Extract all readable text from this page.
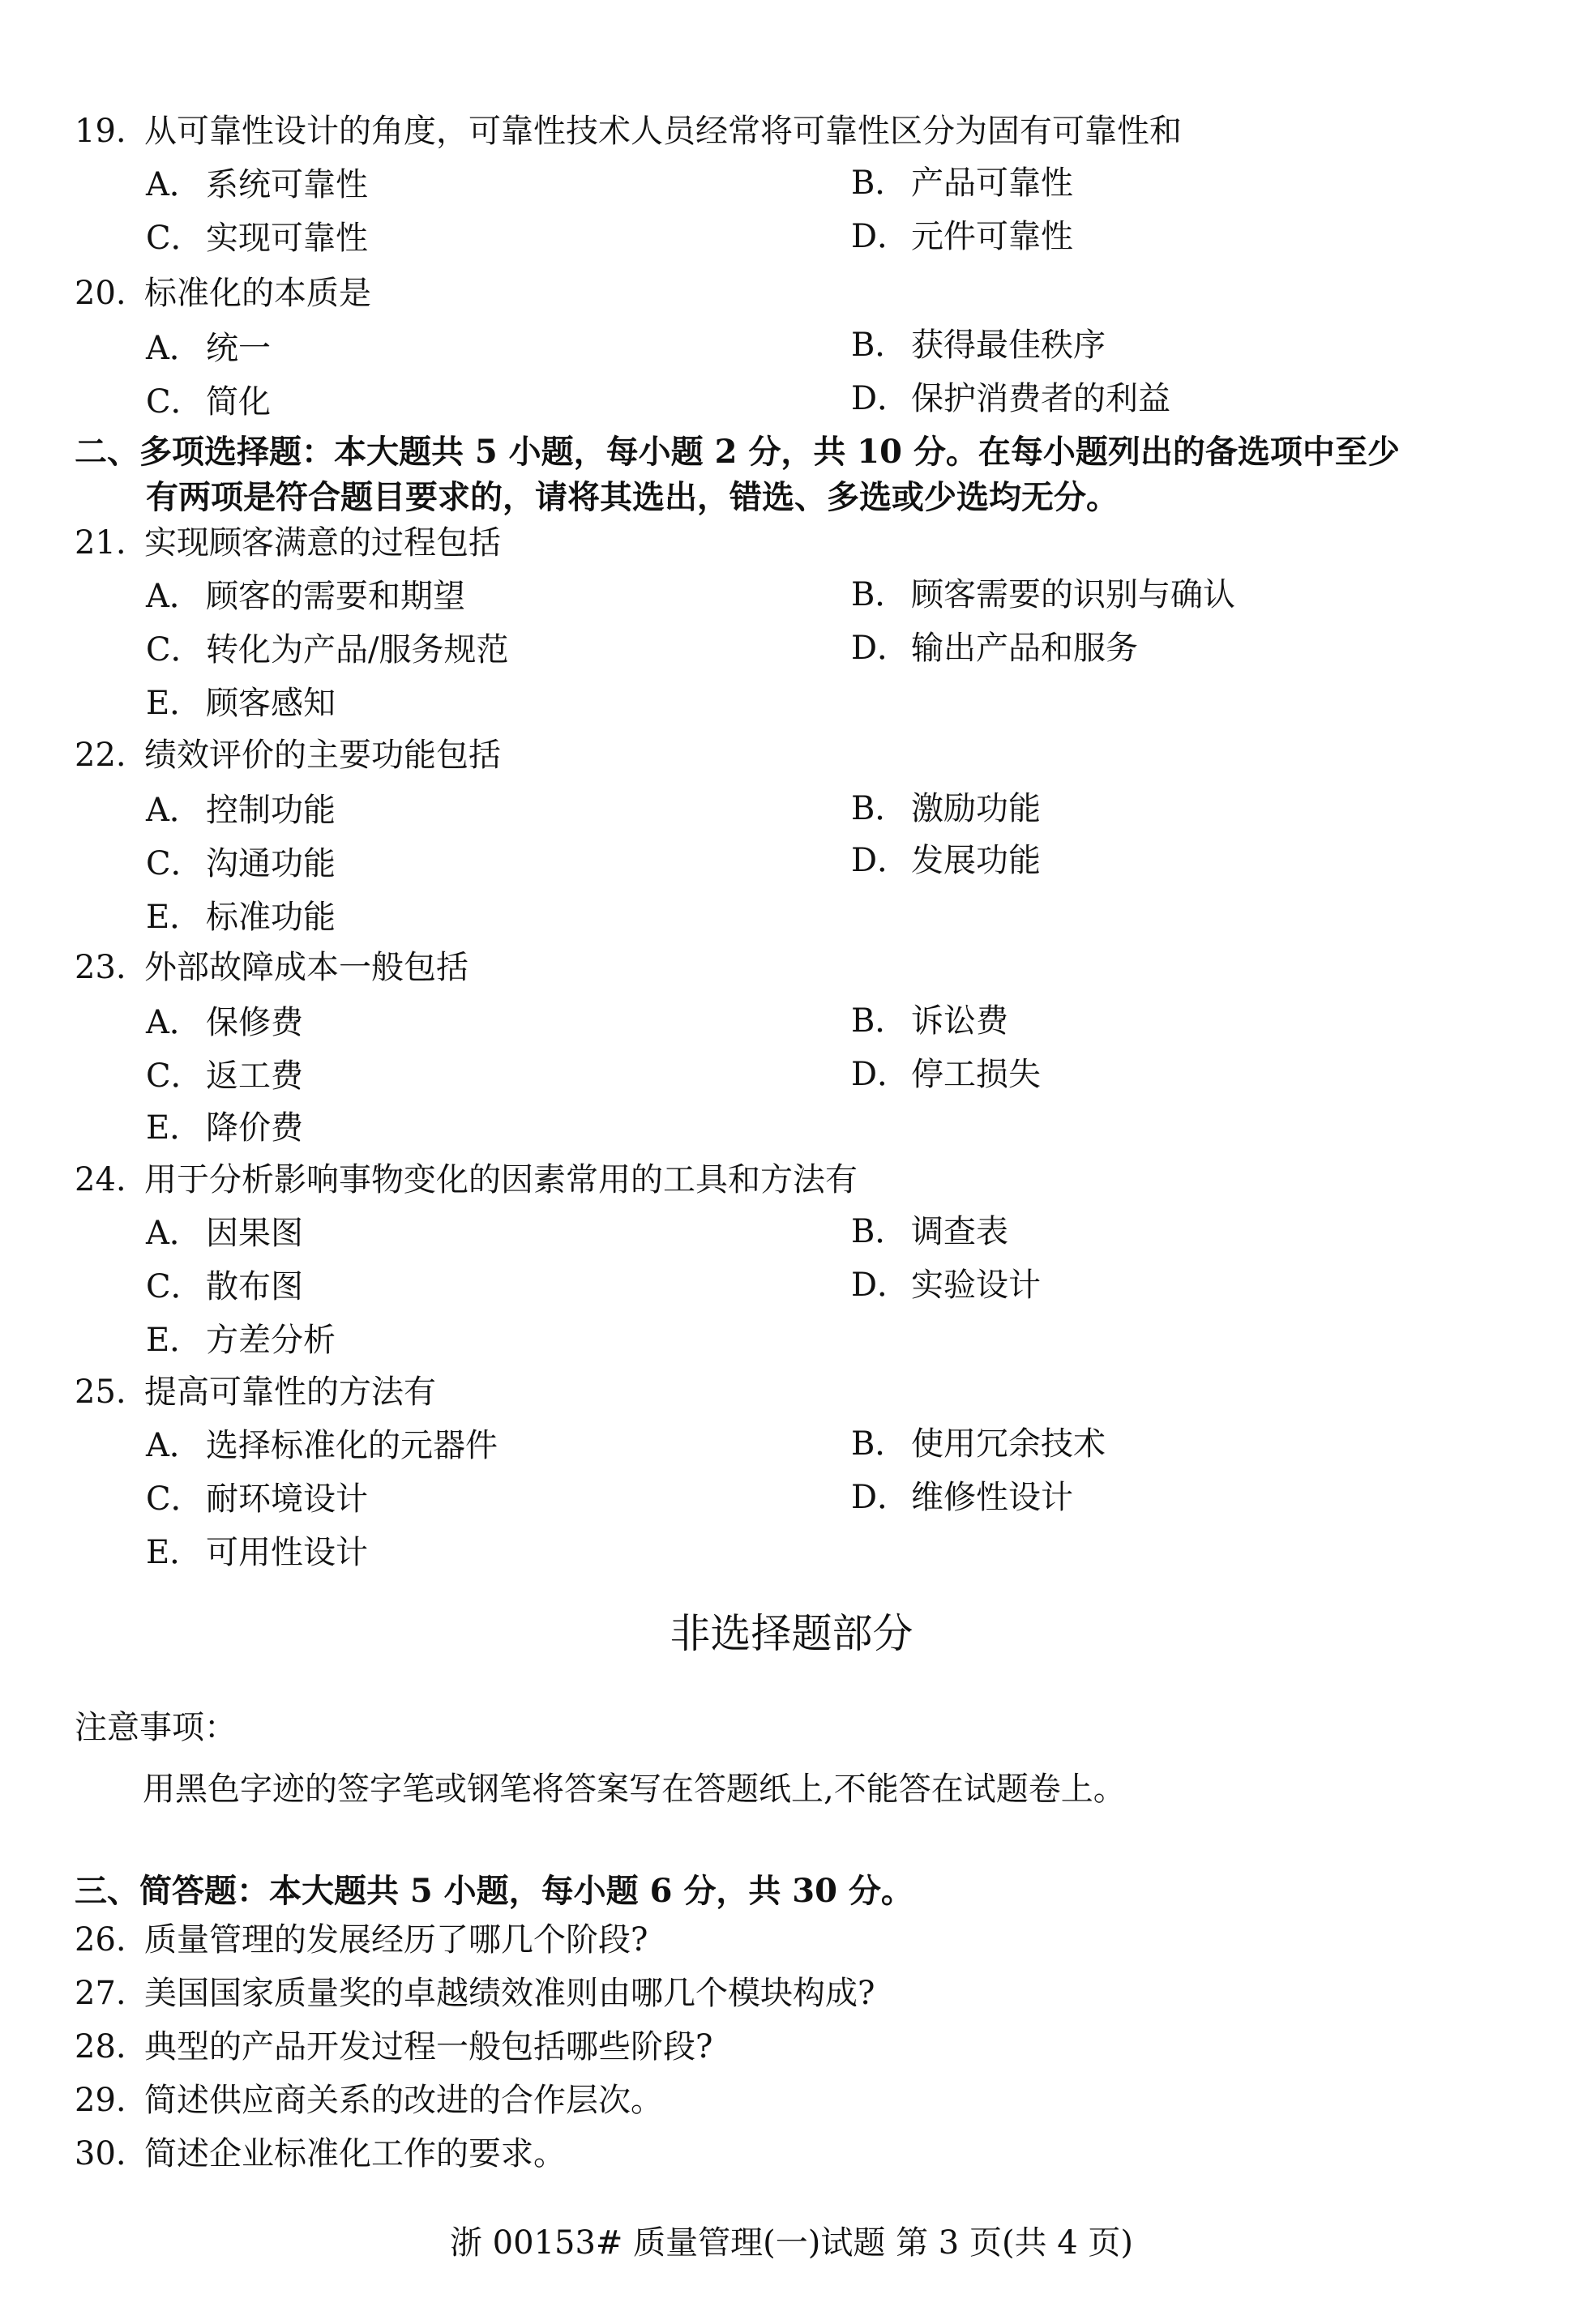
19. 从可靠性设计的角度，可靠性技术人员经常将可靠性区分为固有可靠性和
A． 系统可靠性	B． 产品可靠性
C．实现可靠性	D．元件可靠性
20. 标准化的本质是
A． 统一	B． 获得最佳秩序
C．简化	D．保护消费者的利益
二、多项选择题：本大题共 5 小题，每小题 2 分，共 10 分。在每小题列出的备选项中至少
有两项是符合题目要求的，请将其选出，错选、多选或少选均无分。
21. 实现顾客满意的过程包括
A． 顾客的需要和期望	B． 顾客需要的识别与确认
C．转化为产品/服务规范	D．输出产品和服务
E． 顾客感知
22. 绩效评价的主要功能包括
A． 控制功能	B． 激励功能
C．沟通功能	D．发展功能
E． 标准功能
23. 外部故障成本一般包括
A． 保修费	B． 诉讼费
C．返工费	D．停工损失
E． 降价费
24. 用于分析影响事物变化的因素常用的工具和方法有
A． 因果图	B． 调查表
C．散布图	D．实验设计
E． 方差分析
25. 提高可靠性的方法有
A． 选择标准化的元器件	B． 使用冗余技术
C．耐环境设计	D．维修性设计
E． 可用性设计
非选择题部分
注意事项：
用黑色字迹的签字笔或钢笔将答案写在答题纸上,不能答在试题卷上。
三、简答题：本大题共 5 小题，每小题 6 分，共 30 分。
26. 质量管理的发展经历了哪几个阶段?
27. 美国国家质量奖的卓越绩效准则由哪几个模块构成?
28. 典型的产品开发过程一般包括哪些阶段?
29. 简述供应商关系的改进的合作层次。
30. 简述企业标准化工作的要求。
浙 00153# 质量管理(一)试题 第 3 页(共 4 页)
